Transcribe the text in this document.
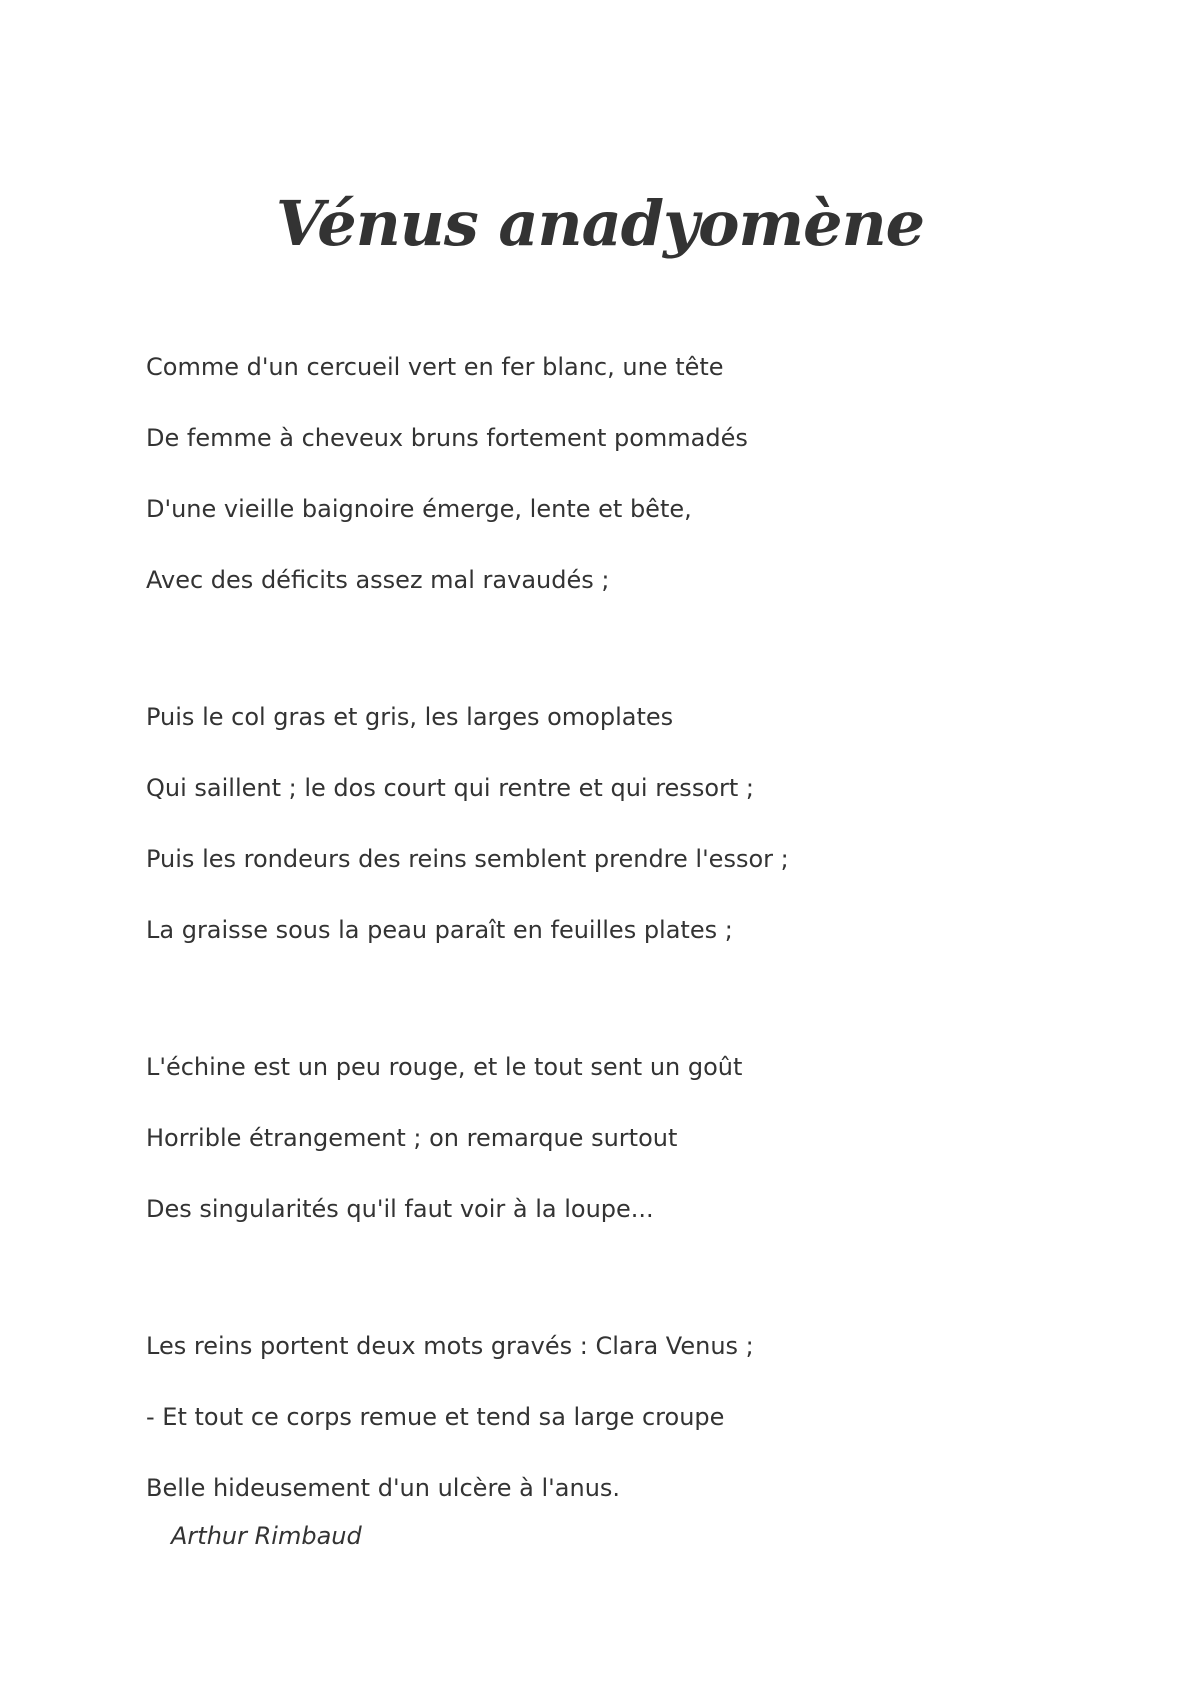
Vénus anadyomène
Comme d'un cercueil vert en fer blanc, une tête
De femme à cheveux bruns fortement pommadés
D'une vieille baignoire émerge, lente et bête,
Avec des déficits assez mal ravaudés ;
Puis le col gras et gris, les larges omoplates
Qui saillent ; le dos court qui rentre et qui ressort ;
Puis les rondeurs des reins semblent prendre l'essor ;
La graisse sous la peau paraît en feuilles plates ;
L'échine est un peu rouge, et le tout sent un goût
Horrible étrangement ; on remarque surtout
Des singularités qu'il faut voir à la loupe...
Les reins portent deux mots gravés : Clara Venus ;
- Et tout ce corps remue et tend sa large croupe
Belle hideusement d'un ulcère à l'anus.
Arthur Rimbaud
